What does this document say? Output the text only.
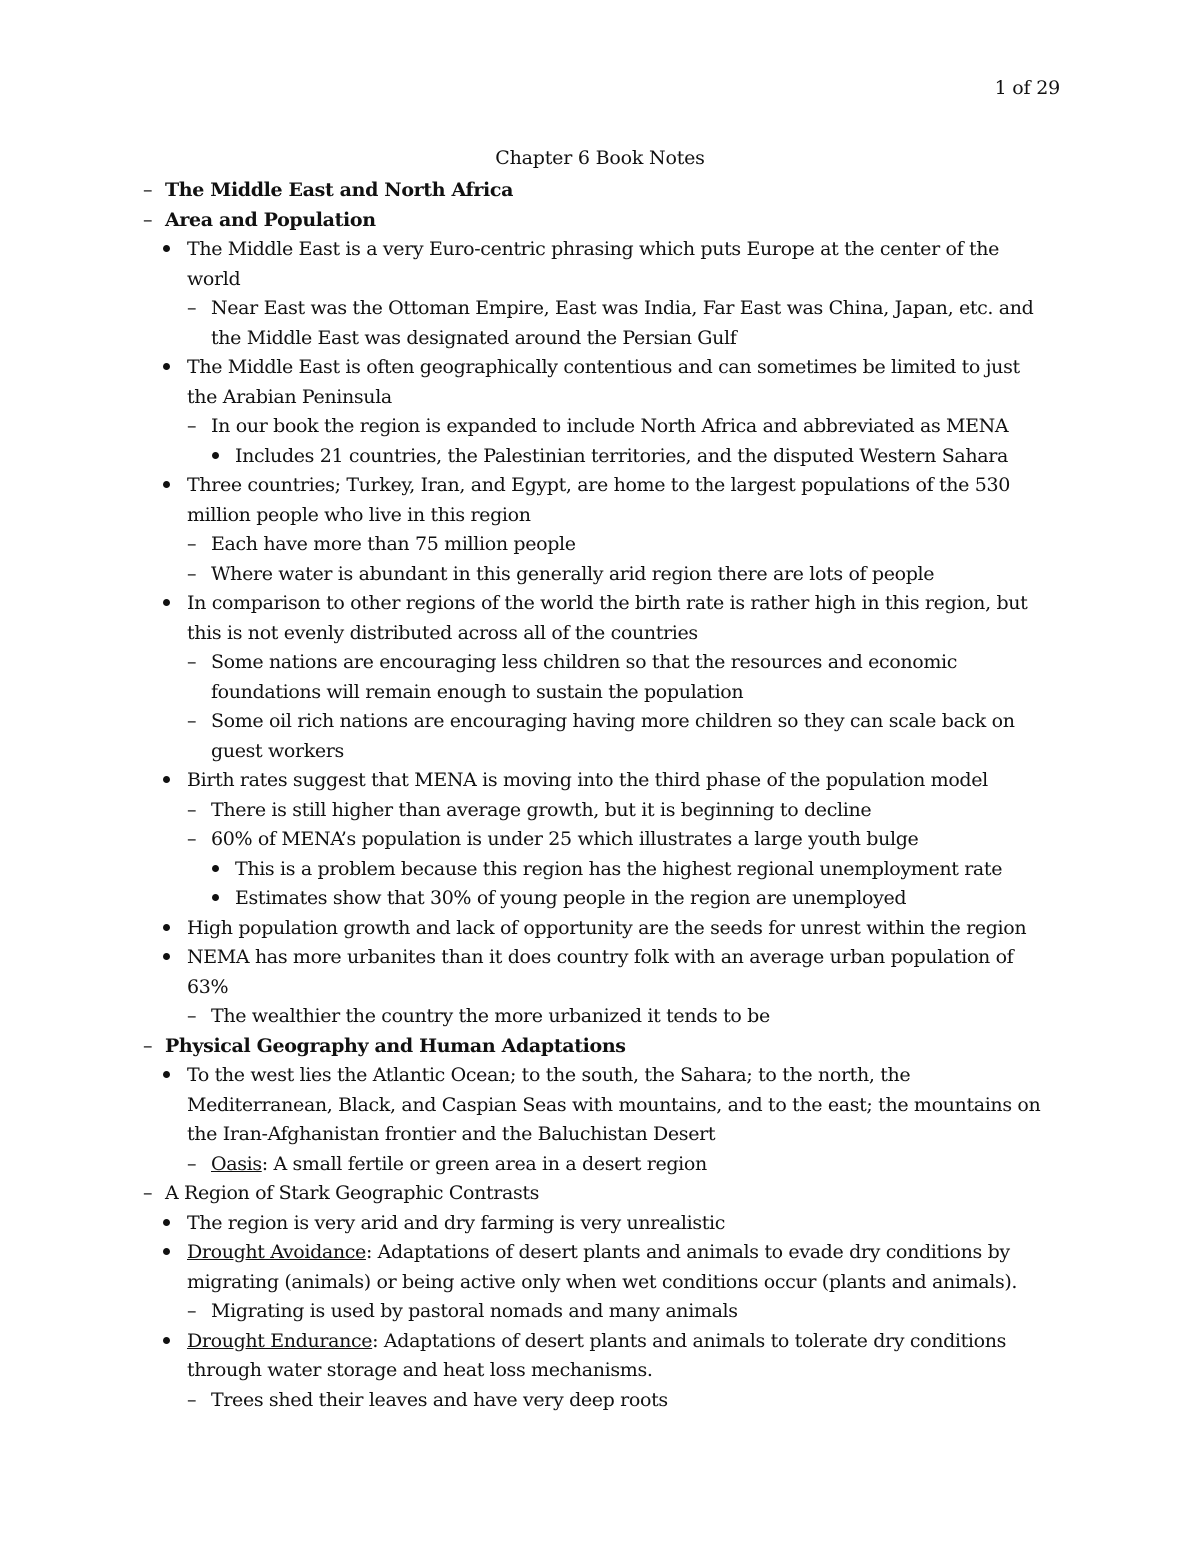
1 of 29
Chapter 6 Book Notes
– The Middle East and North Africa
– Area and Population
The Middle East is a very Euro-centric phrasing which puts Europe at the center of the
world
– Near East was the Ottoman Empire, East was India, Far East was China, Japan, etc. and
the Middle East was designated around the Persian Gulf
The Middle East is often geographically contentious and can sometimes be limited to just
the Arabian Peninsula
– In our book the region is expanded to include North Africa and abbreviated as MENA
Includes 21 countries, the Palestinian territories, and the disputed Western Sahara
Three countries; Turkey, Iran, and Egypt, are home to the largest populations of the 530
million people who live in this region
– Each have more than 75 million people
– Where water is abundant in this generally arid region there are lots of people
In comparison to other regions of the world the birth rate is rather high in this region, but
this is not evenly distributed across all of the countries
– Some nations are encouraging less children so that the resources and economic
foundations will remain enough to sustain the population
– Some oil rich nations are encouraging having more children so they can scale back on
guest workers
Birth rates suggest that MENA is moving into the third phase of the population model
– There is still higher than average growth, but it is beginning to decline
– 60% of MENA’s population is under 25 which illustrates a large youth bulge
This is a problem because this region has the highest regional unemployment rate
Estimates show that 30% of young people in the region are unemployed
High population growth and lack of opportunity are the seeds for unrest within the region
NEMA has more urbanites than it does country folk with an average urban population of
63%
– The wealthier the country the more urbanized it tends to be
– Physical Geography and Human Adaptations
To the west lies the Atlantic Ocean; to the south, the Sahara; to the north, the
Mediterranean, Black, and Caspian Seas with mountains, and to the east; the mountains on
the Iran-Afghanistan frontier and the Baluchistan Desert
– Oasis: A small fertile or green area in a desert region
– A Region of Stark Geographic Contrasts
The region is very arid and dry farming is very unrealistic
Drought Avoidance: Adaptations of desert plants and animals to evade dry conditions by
migrating (animals) or being active only when wet conditions occur (plants and animals).
– Migrating is used by pastoral nomads and many animals
Drought Endurance: Adaptations of desert plants and animals to tolerate dry conditions
through water storage and heat loss mechanisms.
– Trees shed their leaves and have very deep roots
